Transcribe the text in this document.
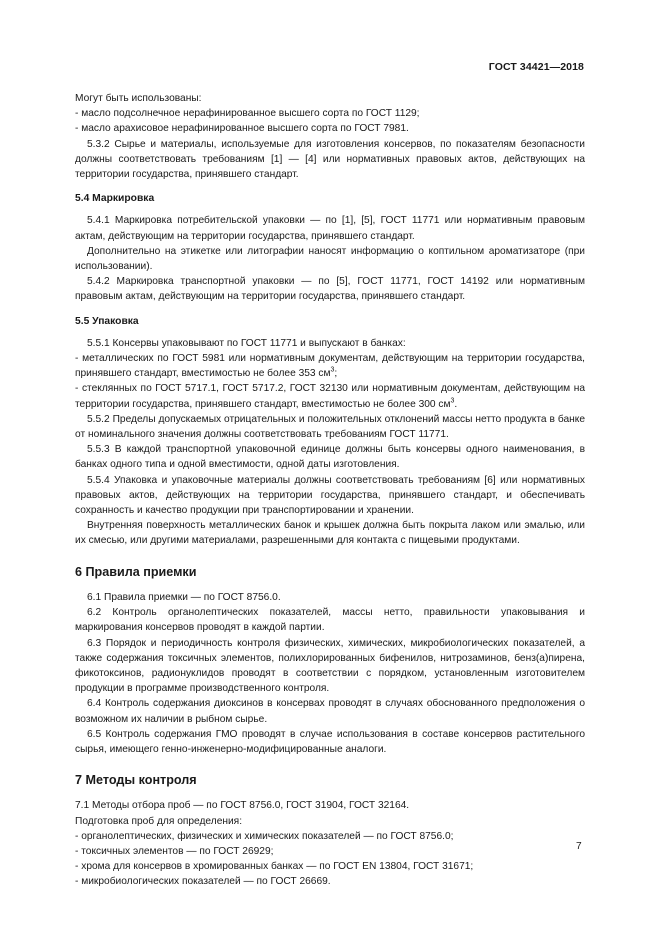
ГОСТ 34421—2018

Могут быть использованы:

- масло подсолнечное нерафинированное высшего сорта по ГОСТ 1129;

- масло арахисовое нерафинированное высшего сорта по ГОСТ 7981.

5.3.2 Сырье и материалы, используемые для изготовления консервов, по показателям безопасности должны соответствовать требованиям [1] — [4] или нормативных правовых актов, действующих на территории государства, принявшего стандарт.

5.4 Маркировка

5.4.1 Маркировка потребительской упаковки — по [1], [5], ГОСТ 11771 или нормативным правовым актам, действующим на территории государства, принявшего стандарт.

Дополнительно на этикетке или литографии наносят информацию о коптильном ароматизаторе (при использовании).

5.4.2 Маркировка транспортной упаковки — по [5], ГОСТ 11771, ГОСТ 14192 или нормативным правовым актам, действующим на территории государства, принявшего стандарт.

5.5 Упаковка

5.5.1 Консервы упаковывают по ГОСТ 11771 и выпускают в банках:

- металлических по ГОСТ 5981 или нормативным документам, действующим на территории государства, принявшего стандарт, вместимостью не более 353 $см^3$;

- стеклянных по ГОСТ 5717.1, ГОСТ 5717.2, ГОСТ 32130 или нормативным документам, действующим на территории государства, принявшего стандарт, вместимостью не более 300 $см^3$.

5.5.2 Пределы допускаемых отрицательных и положительных отклонений массы нетто продукта в банке от номинального значения должны соответствовать требованиям ГОСТ 11771.

5.5.3 В каждой транспортной упаковочной единице должны быть консервы одного наименования, в банках одного типа и одной вместимости, одной даты изготовления.

5.5.4 Упаковка и упаковочные материалы должны соответствовать требованиям [6] или нормативных правовых актов, действующих на территории государства, принявшего стандарт, и обеспечивать сохранность и качество продукции при транспортировании и хранении.

Внутренняя поверхность металлических банок и крышек должна быть покрыта лаком или эмалью, или их смесью, или другими материалами, разрешенными для контакта с пищевыми продуктами.

6 Правила приемки

6.1 Правила приемки — по ГОСТ 8756.0.

6.2 Контроль органолептических показателей, массы нетто, правильности упаковывания и маркирования консервов проводят в каждой партии.

6.3 Порядок и периодичность контроля физических, химических, микробиологических показателей, а также содержания токсичных элементов, полихлорированных бифенилов, нитрозаминов, бенз(а)пирена, фикотоксинов, радионуклидов проводят в соответствии с порядком, установленным изготовителем продукции в программе производственного контроля.

6.4 Контроль содержания диоксинов в консервах проводят в случаях обоснованного предположения о возможном их наличии в рыбном сырье.

6.5 Контроль содержания ГМО проводят в случае использования в составе консервов растительного сырья, имеющего генно-инженерно-модифицированные аналоги.

7 Методы контроля

7.1 Методы отбора проб — по ГОСТ 8756.0, ГОСТ 31904, ГОСТ 32164.

Подготовка проб для определения:

- органолептических, физических и химических показателей — по ГОСТ 8756.0;

- токсичных элементов — по ГОСТ 26929;

- хрома для консервов в хромированных банках — по ГОСТ EN 13804, ГОСТ 31671;

- микробиологических показателей — по ГОСТ 26669.

7
